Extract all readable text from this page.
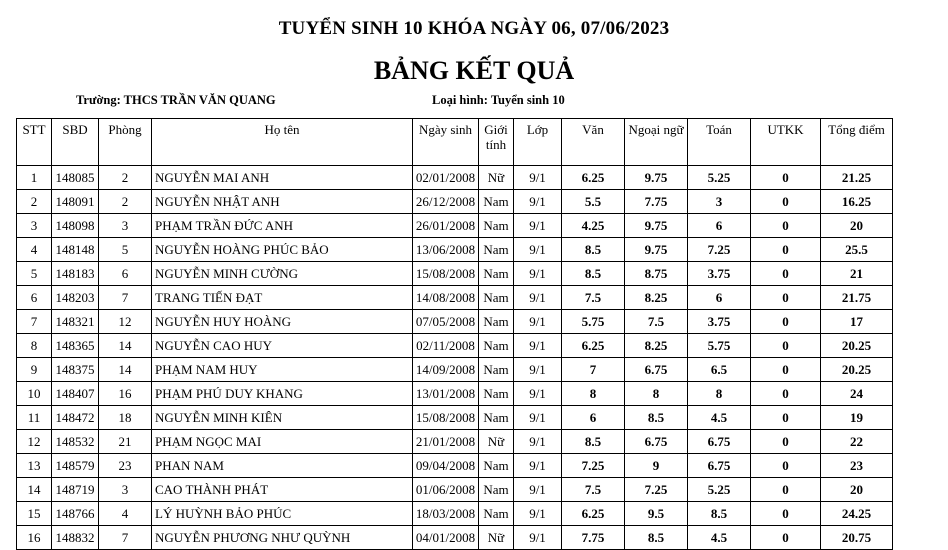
TUYỂN SINH 10 KHÓA NGÀY 06, 07/06/2023
BẢNG KẾT QUẢ
Trường: THCS TRẦN VĂN QUANG	Loại hình: Tuyển sinh 10
STT	SBD	Phòng	Họ tên	Ngày sinh	Giới tính	Lớp	Văn	Ngoại ngữ	Toán	UTKK	Tổng điểm
1	148085	2	NGUYỄN MAI ANH	02/01/2008	Nữ	9/1	6.25	9.75	5.25	0	21.25
2	148091	2	NGUYỄN NHẬT ANH	26/12/2008	Nam	9/1	5.5	7.75	3	0	16.25
3	148098	3	PHẠM TRẦN ĐỨC ANH	26/01/2008	Nam	9/1	4.25	9.75	6	0	20
4	148148	5	NGUYỄN HOÀNG PHÚC BẢO	13/06/2008	Nam	9/1	8.5	9.75	7.25	0	25.5
5	148183	6	NGUYỄN MINH CƯỜNG	15/08/2008	Nam	9/1	8.5	8.75	3.75	0	21
6	148203	7	TRANG TIẾN ĐẠT	14/08/2008	Nam	9/1	7.5	8.25	6	0	21.75
7	148321	12	NGUYỄN HUY HOÀNG	07/05/2008	Nam	9/1	5.75	7.5	3.75	0	17
8	148365	14	NGUYỄN CAO HUY	02/11/2008	Nam	9/1	6.25	8.25	5.75	0	20.25
9	148375	14	PHẠM NAM HUY	14/09/2008	Nam	9/1	7	6.75	6.5	0	20.25
10	148407	16	PHẠM PHÚ DUY KHANG	13/01/2008	Nam	9/1	8	8	8	0	24
11	148472	18	NGUYỄN MINH KIÊN	15/08/2008	Nam	9/1	6	8.5	4.5	0	19
12	148532	21	PHẠM NGỌC MAI	21/01/2008	Nữ	9/1	8.5	6.75	6.75	0	22
13	148579	23	PHAN NAM	09/04/2008	Nam	9/1	7.25	9	6.75	0	23
14	148719	3	CAO THÀNH PHÁT	01/06/2008	Nam	9/1	7.5	7.25	5.25	0	20
15	148766	4	LÝ HUỲNH BẢO PHÚC	18/03/2008	Nam	9/1	6.25	9.5	8.5	0	24.25
16	148832	7	NGUYỄN PHƯƠNG NHƯ QUỲNH	04/01/2008	Nữ	9/1	7.75	8.5	4.5	0	20.75
